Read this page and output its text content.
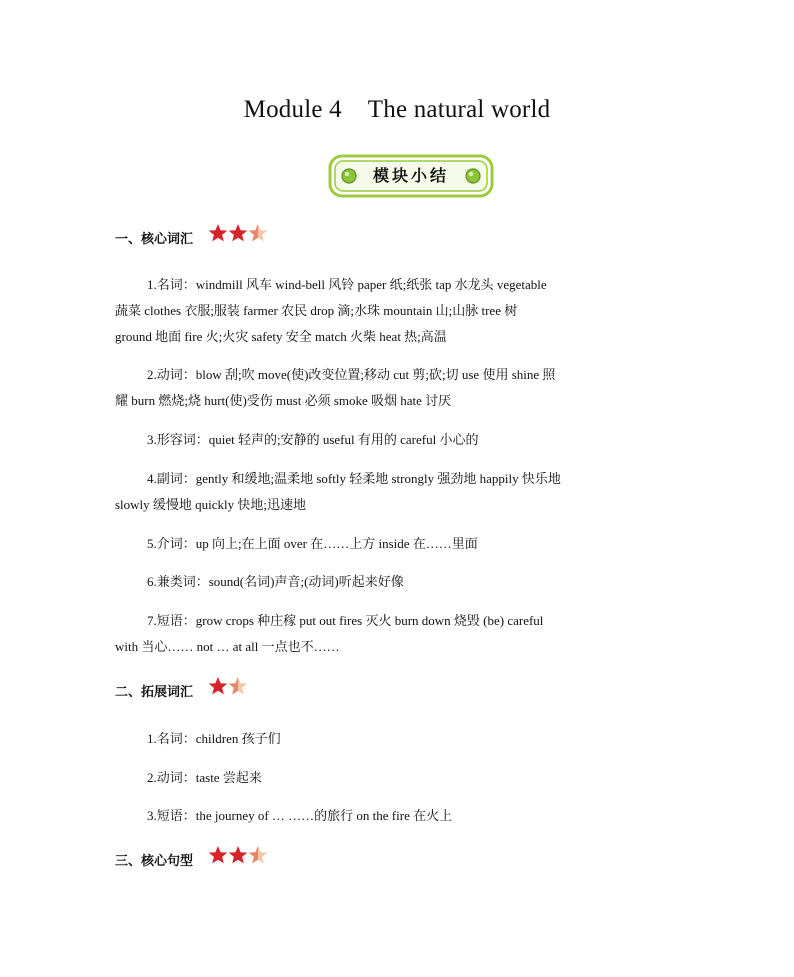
Module 4 The natural world
模块小结
一、核心词汇
1.名词：windmill 风车 wind-bell 风铃 paper 纸;纸张 tap 水龙头 vegetable
蔬菜 clothes 衣服;服装 farmer 农民 drop 滴;水珠 mountain 山;山脉 tree 树
ground 地面 fire 火;火灾 safety 安全 match 火柴 heat 热;高温
2.动词：blow 刮;吹 move(使)改变位置;移动 cut 剪;砍;切 use 使用 shine 照
耀 burn 燃烧;烧 hurt(使)受伤 must 必须 smoke 吸烟 hate 讨厌
3.形容词：quiet 轻声的;安静的 useful 有用的 careful 小心的
4.副词：gently 和缓地;温柔地 softly 轻柔地 strongly 强劲地 happily 快乐地
slowly 缓慢地 quickly 快地;迅速地
5.介词：up 向上;在上面 over 在……上方 inside 在……里面
6.兼类词：sound(名词)声音;(动词)听起来好像
7.短语：grow crops 种庄稼 put out fires 灭火 burn down 烧毁 (be) careful
with 当心…… not … at all 一点也不……
二、拓展词汇
1.名词：children 孩子们
2.动词：taste 尝起来
3.短语：the journey of … ……的旅行 on the fire 在火上
三、核心句型
